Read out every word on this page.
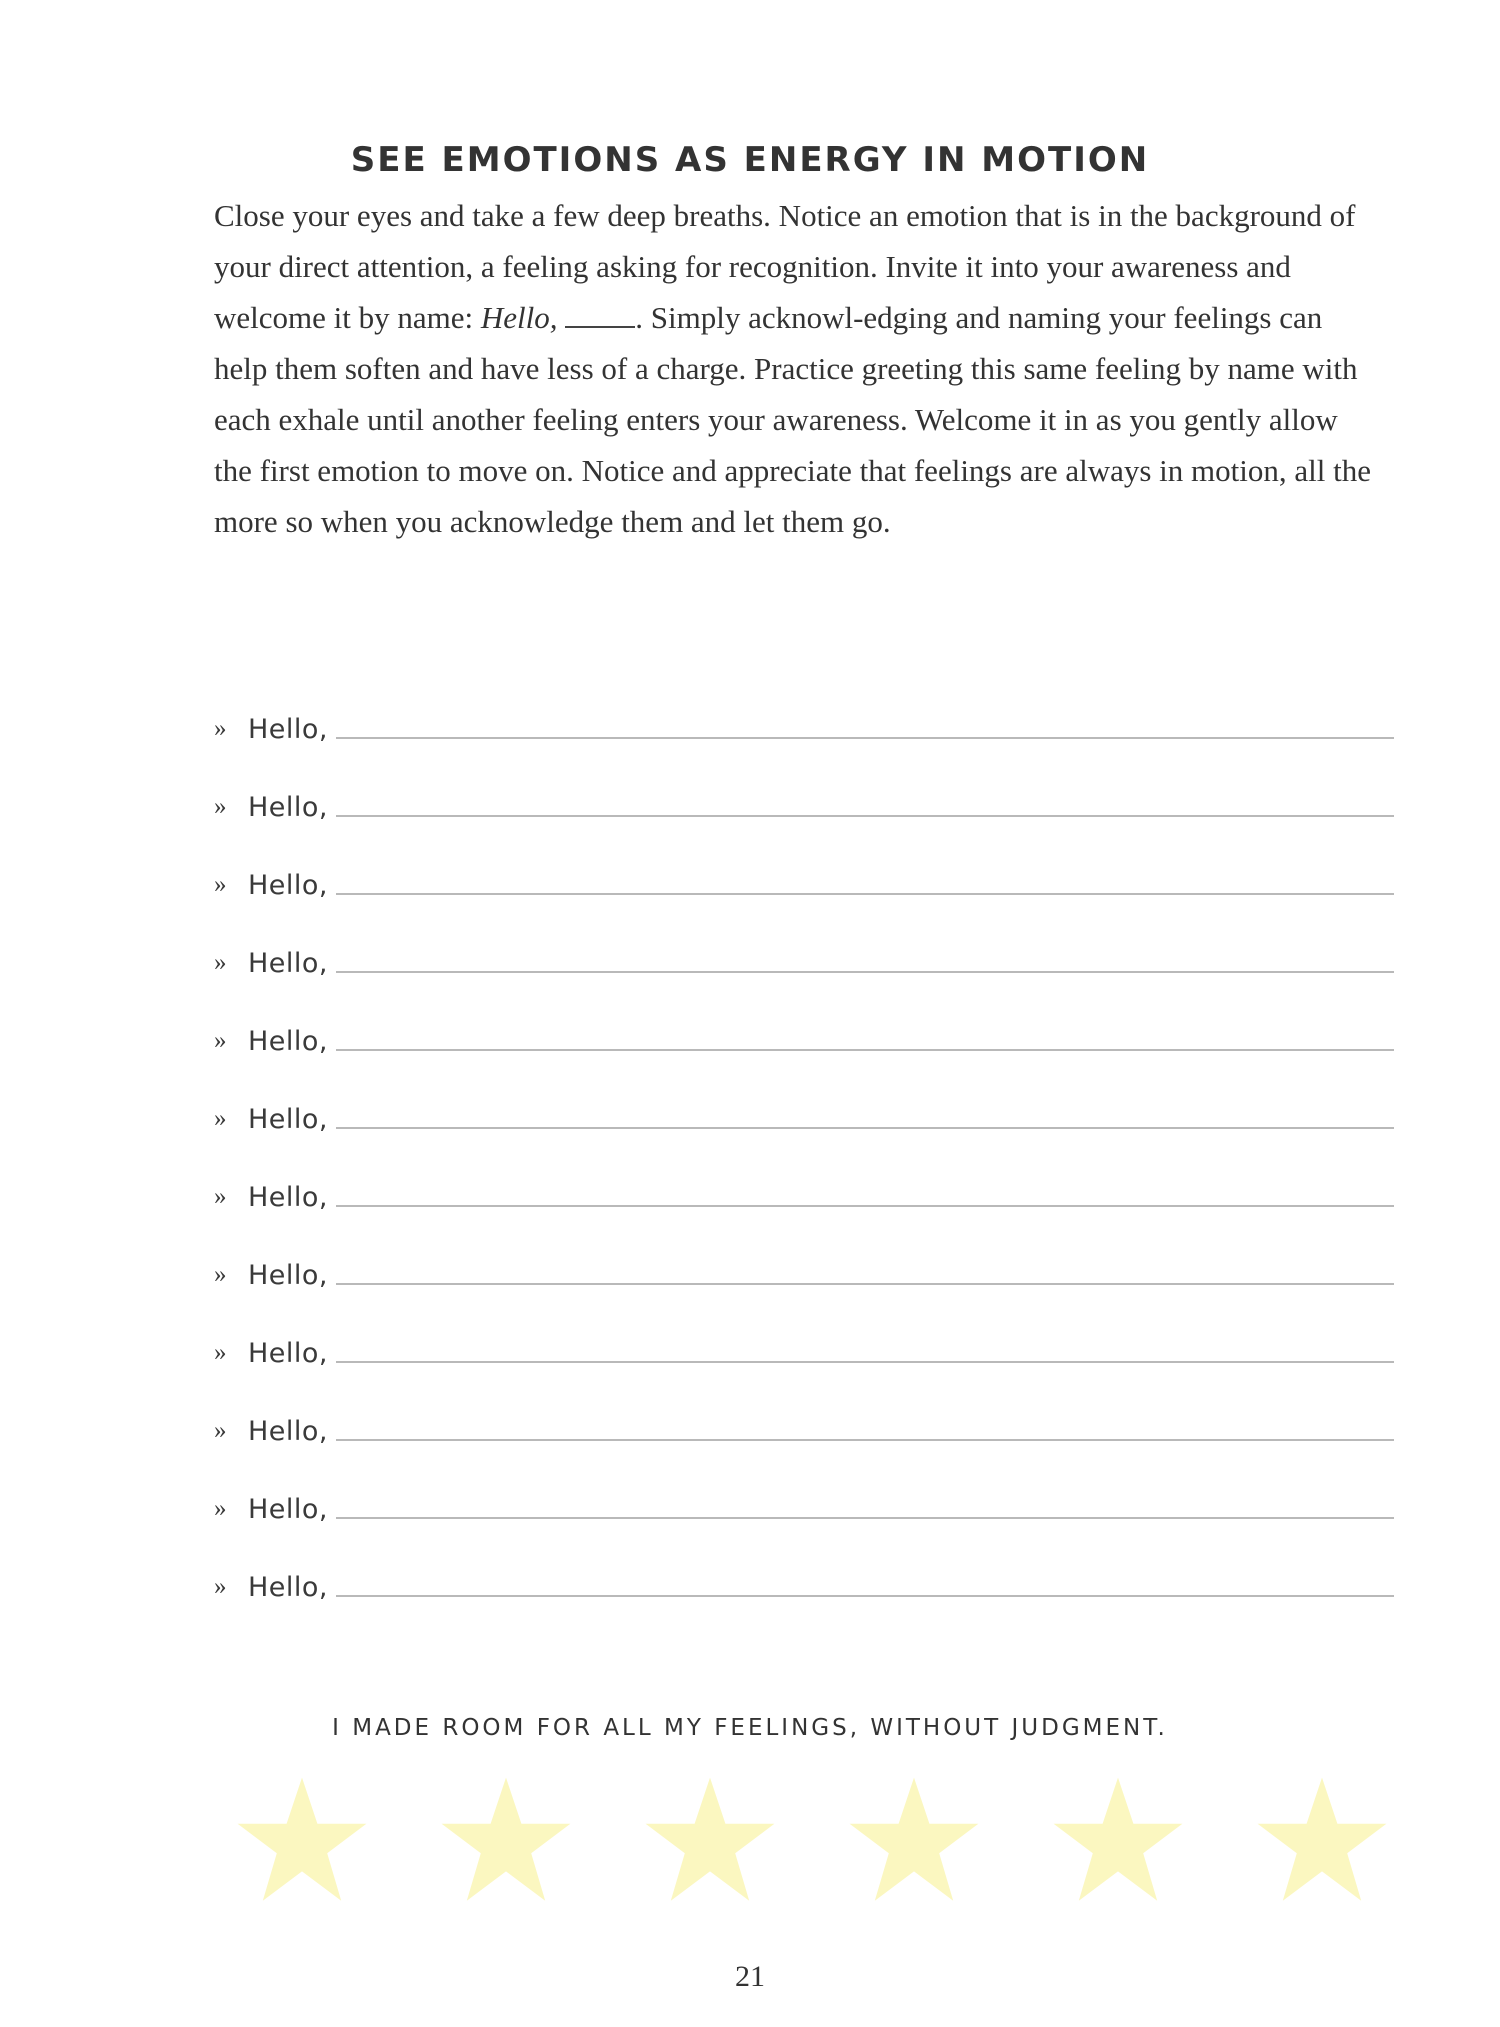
SEE EMOTIONS AS ENERGY IN MOTION
Close your eyes and take a few deep breaths. Notice an emotion that is in the background of your direct attention, a feeling asking for recognition. Invite it into your awareness and welcome it by name: Hello,	. Simply acknowl-edging and naming your feelings can help them soften and have less of a charge. Practice greeting this same feeling by name with each exhale until another feeling enters your awareness. Welcome it in as you gently allow the first emotion to move on. Notice and appreciate that feelings are always in motion, all the more so when you acknowledge them and let them go.
» Hello,
» Hello,
» Hello,
» Hello,
» Hello,
» Hello,
» Hello,
» Hello,
» Hello,
» Hello,
» Hello,
» Hello,
I MADE ROOM FOR ALL MY FEELINGS, WITHOUT JUDGMENT.
21
